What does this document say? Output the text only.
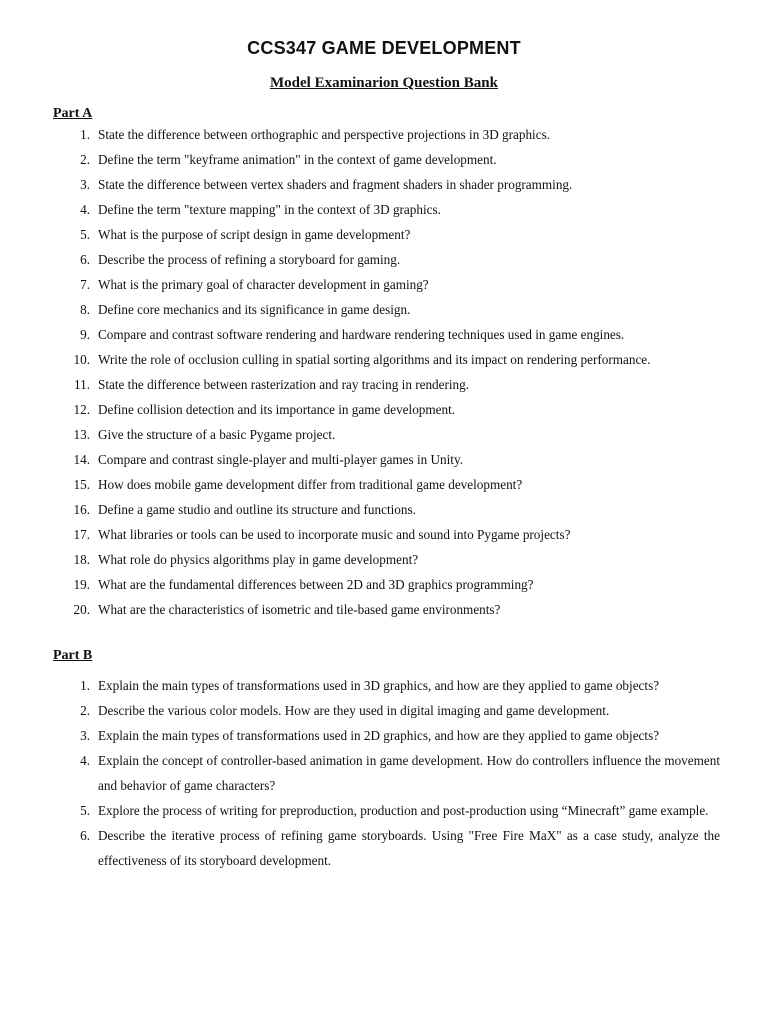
CCS347 GAME DEVELOPMENT
Model Examinarion Question Bank
Part A
1. State the difference between orthographic and perspective projections in 3D graphics.
2. Define the term "keyframe animation" in the context of game development.
3. State the difference between vertex shaders and fragment shaders in shader programming.
4. Define the term "texture mapping" in the context of 3D graphics.
5. What is the purpose of script design in game development?
6. Describe the process of refining a storyboard for gaming.
7. What is the primary goal of character development in gaming?
8. Define core mechanics and its significance in game design.
9. Compare and contrast software rendering and hardware rendering techniques used in game engines.
10. Write the role of occlusion culling in spatial sorting algorithms and its impact on rendering performance.
11. State the difference between rasterization and ray tracing in rendering.
12. Define collision detection and its importance in game development.
13. Give the structure of a basic Pygame project.
14. Compare and contrast single-player and multi-player games in Unity.
15. How does mobile game development differ from traditional game development?
16. Define a game studio and outline its structure and functions.
17. What libraries or tools can be used to incorporate music and sound into Pygame projects?
18. What role do physics algorithms play in game development?
19. What are the fundamental differences between 2D and 3D graphics programming?
20. What are the characteristics of isometric and tile-based game environments?
Part B
1. Explain the main types of transformations used in 3D graphics, and how are they applied to game objects?
2. Describe the various color models. How are they used in digital imaging and game development.
3. Explain the main types of transformations used in 2D graphics, and how are they applied to game objects?
4. Explain the concept of controller-based animation in game development. How do controllers influence the movement and behavior of game characters?
5. Explore the process of writing for preproduction, production and post-production using “Minecraft” game example.
6. Describe the iterative process of refining game storyboards. Using "Free Fire MaX" as a case study, analyze the effectiveness of its storyboard development.
